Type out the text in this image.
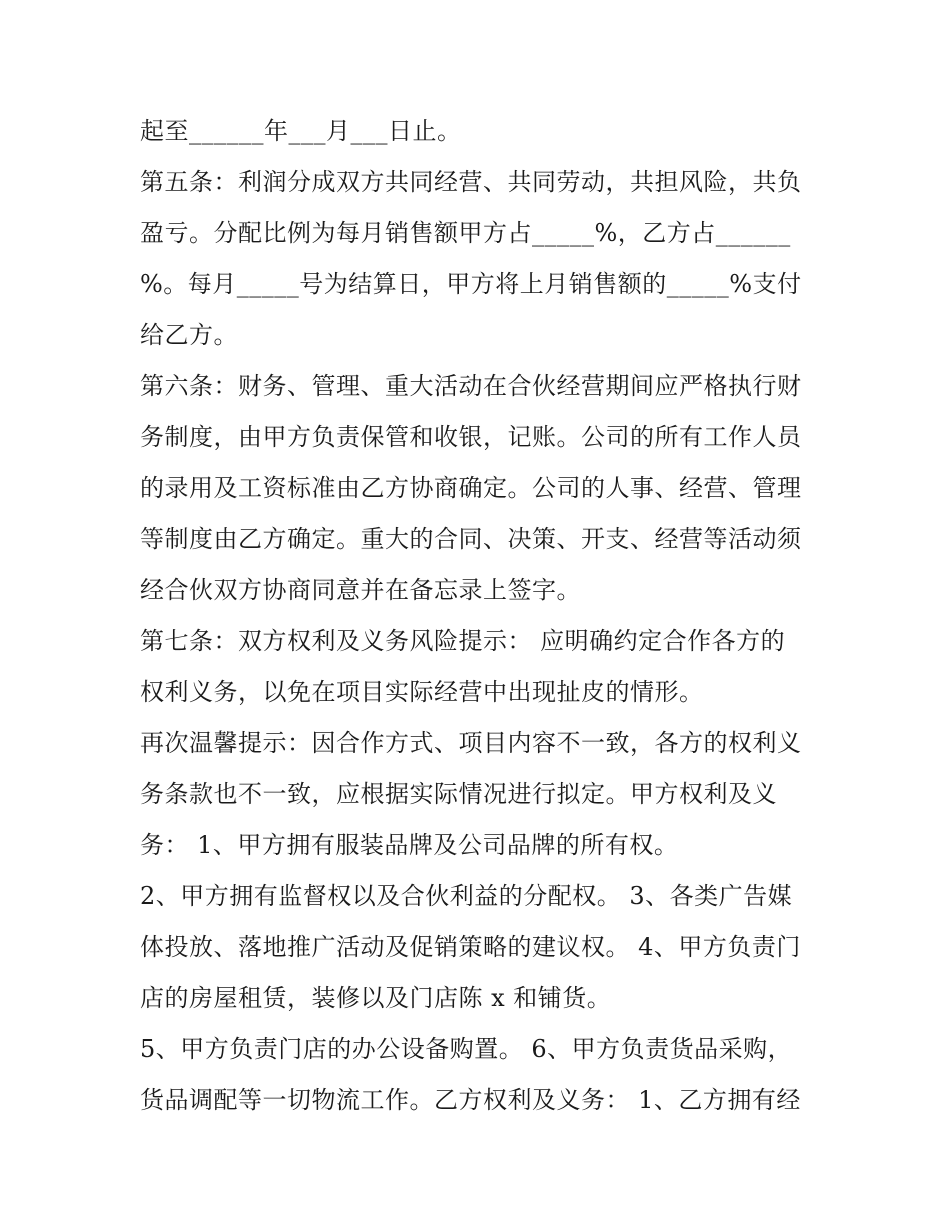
起至______年___月___日止。
第五条：利润分成双方共同经营、共同劳动，共担风险，共负
盈亏。分配比例为每月销售额甲方占_____%，乙方占______
%。每月_____号为结算日，甲方将上月销售额的_____%支付
给乙方。
第六条：财务、管理、重大活动在合伙经营期间应严格执行财
务制度，由甲方负责保管和收银，记账。公司的所有工作人员
的录用及工资标准由乙方协商确定。公司的人事、经营、管理
等制度由乙方确定。重大的合同、决策、开支、经营等活动须
经合伙双方协商同意并在备忘录上签字。
第七条：双方权利及义务风险提示： 应明确约定合作各方的
权利义务，以免在项目实际经营中出现扯皮的情形。
再次温馨提示：因合作方式、项目内容不一致，各方的权利义
务条款也不一致，应根据实际情况进行拟定。甲方权利及义
务： 1、甲方拥有服装品牌及公司品牌的所有权。
2、甲方拥有监督权以及合伙利益的分配权。 3、各类广告媒
体投放、落地推广活动及促销策略的建议权。 4、甲方负责门
店的房屋租赁，装修以及门店陈 x 和铺货。
5、甲方负责门店的办公设备购置。 6、甲方负责货品采购，
货品调配等一切物流工作。乙方权利及义务： 1、乙方拥有经
